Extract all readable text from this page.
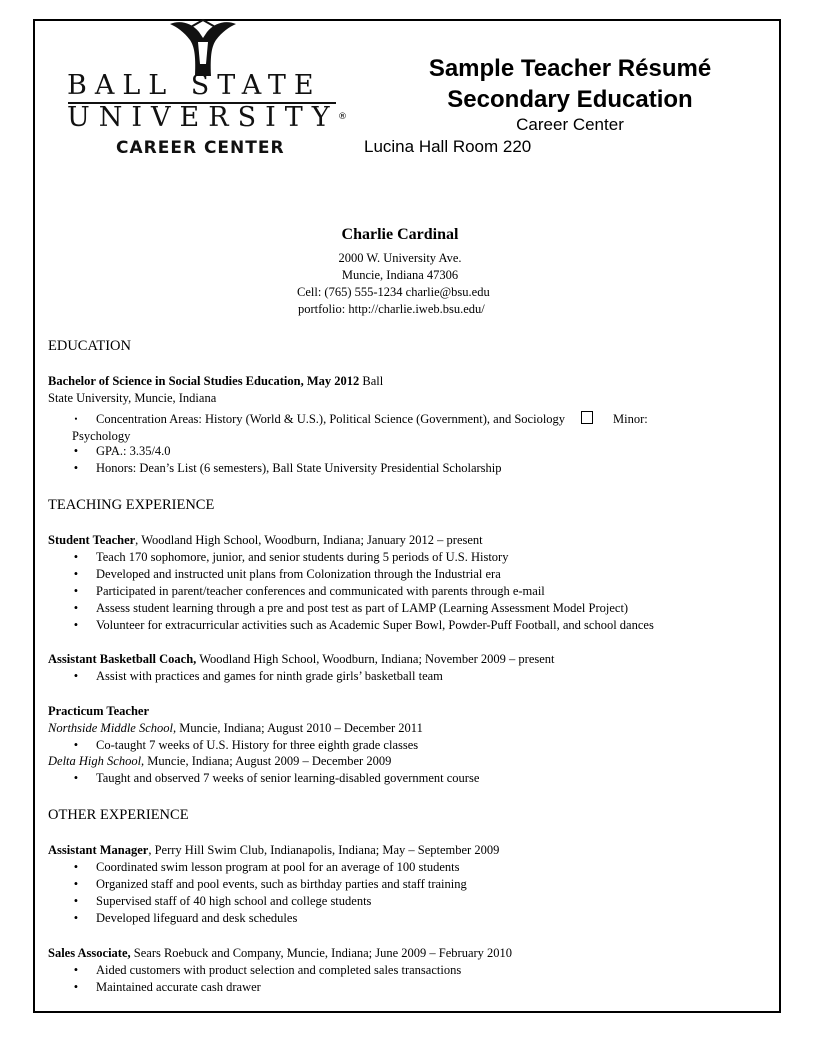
BALL STATE
UNIVERSITY ®
CAREER CENTER
Sample Teacher Résumé
Secondary Education
Career Center
Lucina Hall Room 220
Charlie Cardinal
2000 W. University Ave.
Muncie, Indiana 47306
Cell: (765) 555-1234 charlie@bsu.edu
portfolio: http://charlie.iweb.bsu.edu/
EDUCATION
Bachelor of Science in Social Studies Education, May 2012 Ball
State University, Muncie, Indiana
• Concentration Areas: History (World & U.S.), Political Science (Government), and Sociology	Minor:
Psychology
• GPA.: 3.35/4.0
• Honors: Dean’s List (6 semesters), Ball State University Presidential Scholarship
TEACHING EXPERIENCE
Student Teacher, Woodland High School, Woodburn, Indiana; January 2012 – present
• Teach 170 sophomore, junior, and senior students during 5 periods of U.S. History
• Developed and instructed unit plans from Colonization through the Industrial era
• Participated in parent/teacher conferences and communicated with parents through e-mail
• Assess student learning through a pre and post test as part of LAMP (Learning Assessment Model Project)
• Volunteer for extracurricular activities such as Academic Super Bowl, Powder-Puff Football, and school dances
Assistant Basketball Coach, Woodland High School, Woodburn, Indiana; November 2009 – present
• Assist with practices and games for ninth grade girls’ basketball team
Practicum Teacher
Northside Middle School, Muncie, Indiana; August 2010 – December 2011
• Co-taught 7 weeks of U.S. History for three eighth grade classes
Delta High School, Muncie, Indiana; August 2009 – December 2009
• Taught and observed 7 weeks of senior learning-disabled government course
OTHER EXPERIENCE
Assistant Manager, Perry Hill Swim Club, Indianapolis, Indiana; May – September 2009
• Coordinated swim lesson program at pool for an average of 100 students
• Organized staff and pool events, such as birthday parties and staff training
• Supervised staff of 40 high school and college students
• Developed lifeguard and desk schedules
Sales Associate, Sears Roebuck and Company, Muncie, Indiana; June 2009 – February 2010
• Aided customers with product selection and completed sales transactions
• Maintained accurate cash drawer
